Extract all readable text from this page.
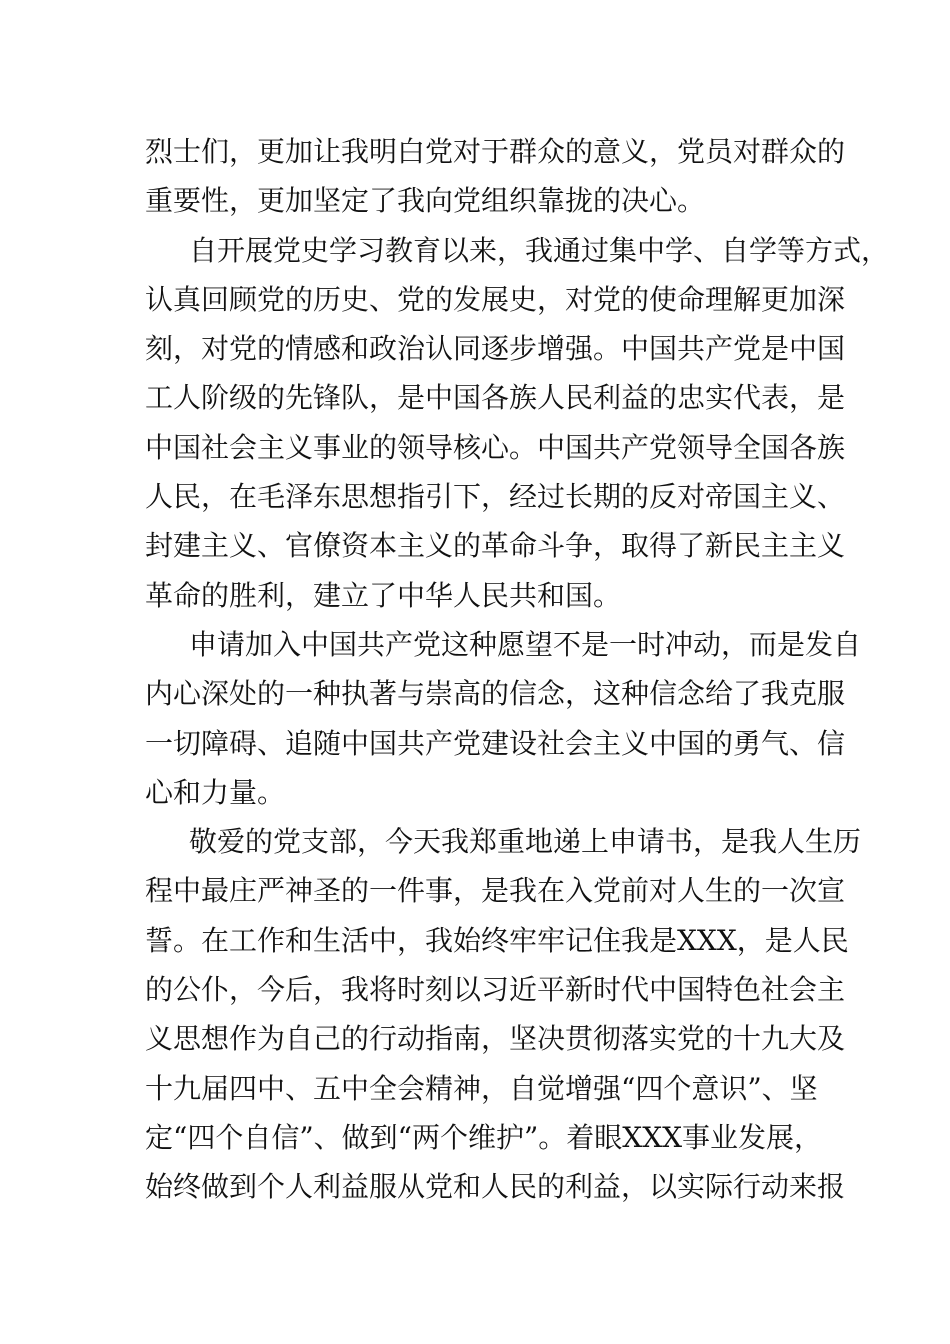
烈士们，更加让我明白党对于群众的意义，党员对群众的
重要性，更加坚定了我向党组织靠拢的决心。
自开展党史学习教育以来，我通过集中学、自学等方式，
认真回顾党的历史、党的发展史，对党的使命理解更加深
刻，对党的情感和政治认同逐步增强。中国共产党是中国
工人阶级的先锋队，是中国各族人民利益的忠实代表，是
中国社会主义事业的领导核心。中国共产党领导全国各族
人民，在毛泽东思想指引下，经过长期的反对帝国主义、
封建主义、官僚资本主义的革命斗争，取得了新民主主义
革命的胜利，建立了中华人民共和国。
申请加入中国共产党这种愿望不是一时冲动，而是发自
内心深处的一种执著与崇高的信念，这种信念给了我克服
一切障碍、追随中国共产党建设社会主义中国的勇气、信
心和力量。
敬爱的党支部，今天我郑重地递上申请书，是我人生历
程中最庄严神圣的一件事，是我在入党前对人生的一次宣
誓。在工作和生活中，我始终牢牢记住我是XXX，是人民
的公仆，今后，我将时刻以习近平新时代中国特色社会主
义思想作为自己的行动指南，坚决贯彻落实党的十九大及
十九届四中、五中全会精神，自觉增强“四个意识”、坚
定“四个自信”、做到“两个维护”。着眼XXX事业发展，
始终做到个人利益服从党和人民的利益，以实际行动来报
